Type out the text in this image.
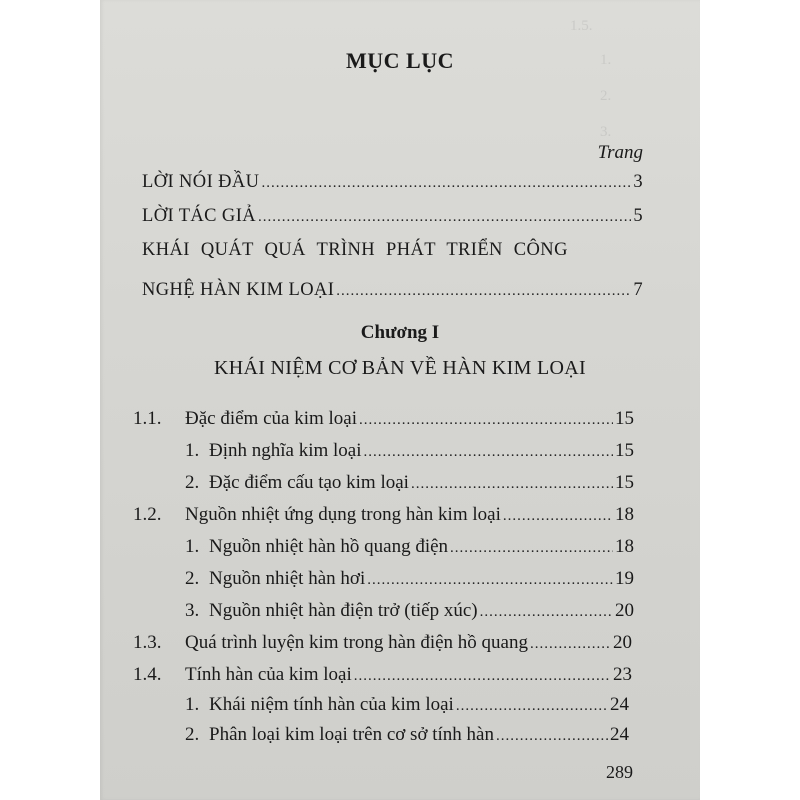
1.5.
1.
2.
3.
MỤC LỤC
Trang
LỜI NÓI ĐẦU .....	3
LỜI TÁC GIẢ .....	5
KHÁI QUÁT QUÁ TRÌNH PHÁT TRIỂN CÔNG
NGHỆ HÀN KIM LOẠI .....	7
Chương I
KHÁI NIỆM CƠ BẢN VỀ HÀN KIM LOẠI
1.1.	Đặc điểm của kim loại .....	15
1. Định nghĩa kim loại .....	15
2. Đặc điểm cấu tạo kim loại .....	15
1.2.	Nguồn nhiệt ứng dụng trong hàn kim loại .....	18
1. Nguồn nhiệt hàn hồ quang điện .....	18
2. Nguồn nhiệt hàn hơi .....	19
3. Nguồn nhiệt hàn điện trở (tiếp xúc) .....	20
1.3.	Quá trình luyện kim trong hàn điện hồ quang .....	20
1.4.	Tính hàn của kim loại .....	23
1. Khái niệm tính hàn của kim loại .....	24
2. Phân loại kim loại trên cơ sở tính hàn .....	24
289
